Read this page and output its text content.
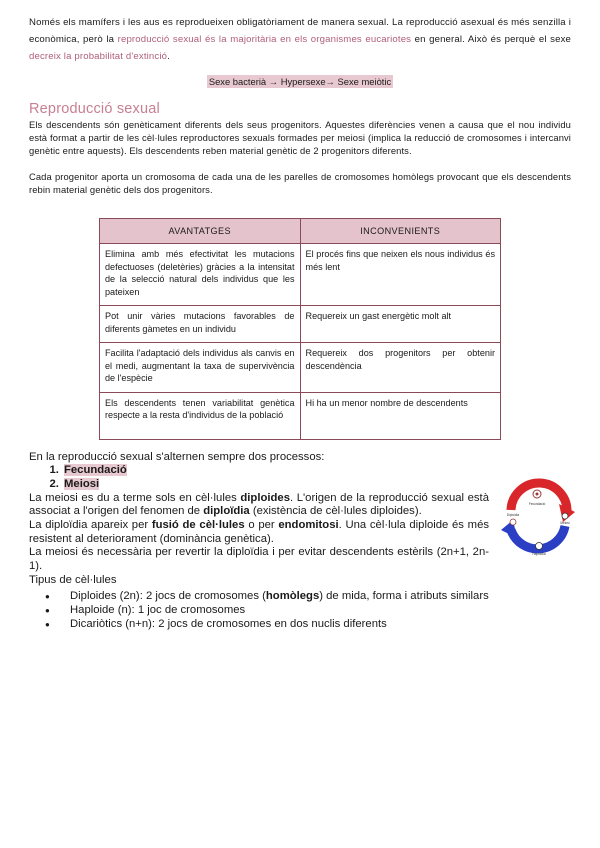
Només els mamífers i les aus es reprodueixen obligatòriament de manera sexual. La reproducció asexual és més senzilla i econòmica, però la reproducció sexual és la majoritària en els organismes eucariotes en general. Això és perquè el sexe decreix la probabilitat d'extinció.

Sexe bacterià → Hypersexe→ Sexe meiòtic

Reproducció sexual

Els descendents són genèticament diferents dels seus progenitors. Aquestes diferències venen a causa que el nou individu està format a partir de les cèl·lules reproductores sexuals formades per meiosi (implica la reducció de cromosomes i intercanvi genètic entre aquests). Els descendents reben material genètic de 2 progenitors diferents.

Cada progenitor aporta un cromosoma de cada una de les parelles de cromosomes homòlegs provocant que els descendents rebin material genètic dels dos progenitors.

AVANTATGES	INCONVENIENTS
Elimina amb més efectivitat les mutacions defectuoses (deletèries) gràcies a la intensitat de la selecció natural dels individus que les pateixen	El procés fins que neixen els nous individus és més lent
Pot unir vàries mutacions favorables de diferents gàmetes en un individu	Requereix un gast energètic molt alt
Facilita l'adaptació dels individus als canvis en el medi, augmentant la taxa de supervivència de l'espècie	Requereix dos progenitors per obtenir descendència
Els descendents tenen variabilitat genètica respecte a la resta d'individus de la població	Hi ha un menor nombre de descendents

En la reproducció sexual s'alternen sempre dos processos:

1. Fecundació
2. Meiosi

La meiosi es du a terme sols en cèl·lules diploides. L'origen de la reproducció sexual està associat a l'origen del fenomen de diploïdia (existència de cèl·lules diploides).

La diploïdia apareix per fusió de cèl·lules o per endomitosi. Una cèl·lula diploide és més resistent al deteriorament (dominància genètica).

La meiosi és necessària per revertir la diploïdia i per evitar descendents estèrils (2n+1, 2n-1).

Tipus de cèl·lules

● Diploides (2n): 2 jocs de cromosomes (homòlegs) de mida, forma i atributs similars
● Haploide (n): 1 joc de cromosomes
● Dicariòtics (n+n): 2 jocs de cromosomes en dos nuclis diferents
Fecundació
Meiosi
Haploidia
Diploidia
